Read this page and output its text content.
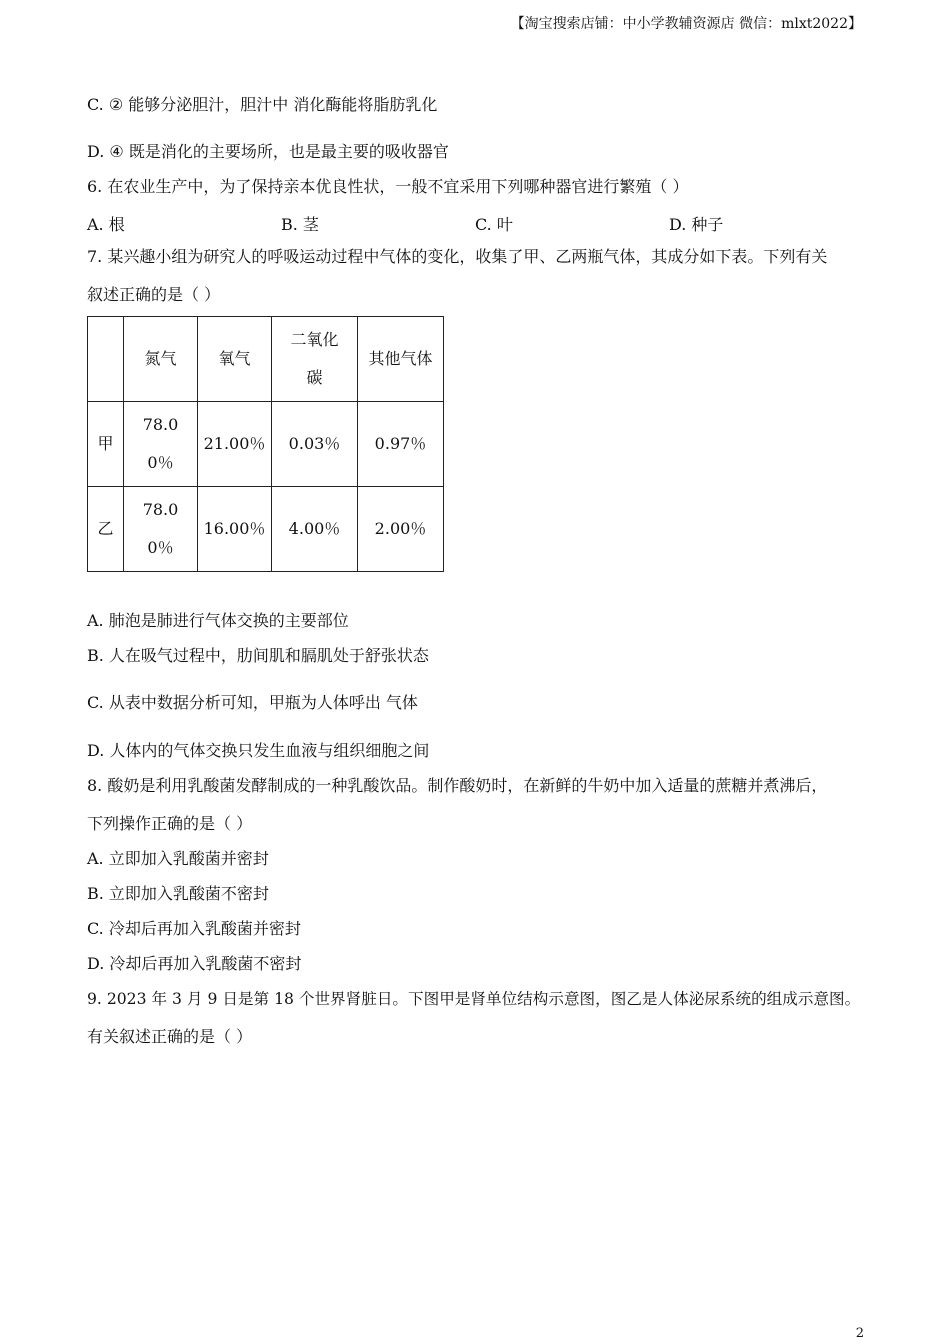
【淘宝搜索店铺：中小学教辅资源店 微信：mlxt2022】
C. ② 能够分泌胆汁，胆汁中 消化酶能将脂肪乳化
D. ④ 既是消化的主要场所，也是最主要的吸收器官
6. 在农业生产中，为了保持亲本优良性状，一般不宜采用下列哪种器官进行繁殖（ ）
A. 根	B. 茎	C. 叶	D. 种子
7. 某兴趣小组为研究人的呼吸运动过程中气体的变化，收集了甲、乙两瓶气体，其成分如下表。下列有关
叙述正确的是（ ）
	氮气	氧气	二氧化碳	其他气体
甲	78.00％	21.00％	0.03％	0.97％
乙	78.00％	16.00％	4.00％	2.00％
A. 肺泡是肺进行气体交换的主要部位
B. 人在吸气过程中，肋间肌和膈肌处于舒张状态
C. 从表中数据分析可知，甲瓶为人体呼出 气体
D. 人体内的气体交换只发生血液与组织细胞之间
8. 酸奶是利用乳酸菌发酵制成的一种乳酸饮品。制作酸奶时，在新鲜的牛奶中加入适量的蔗糖并煮沸后，
下列操作正确的是（ ）
A. 立即加入乳酸菌并密封
B. 立即加入乳酸菌不密封
C. 冷却后再加入乳酸菌并密封
D. 冷却后再加入乳酸菌不密封
9. 2023 年 3 月 9 日是第 18 个世界肾脏日。下图甲是肾单位结构示意图，图乙是人体泌尿系统的组成示意图。
有关叙述正确的是（ ）
2
